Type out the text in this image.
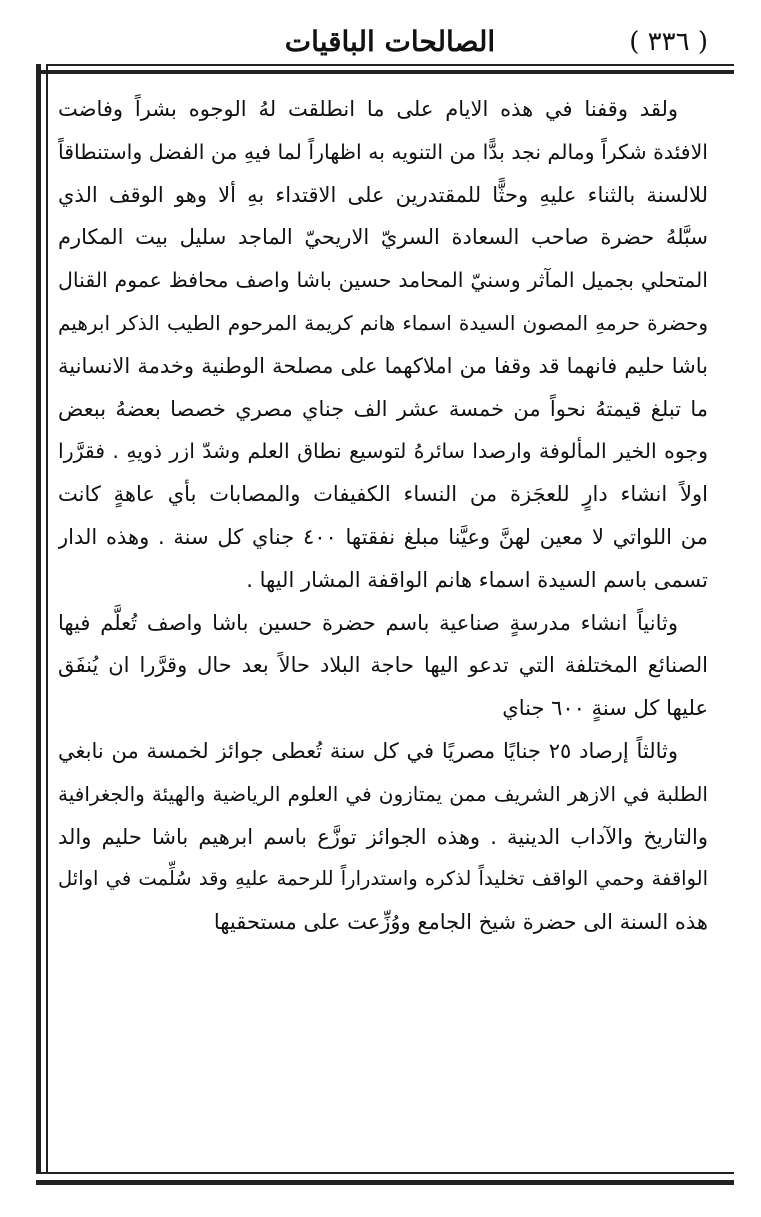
( ٣٣٦ )
الصالحات الباقيات
ولقد وقفنا في هذه الايام على ما انطلقت لهُ الوجوه بشراً وفاضت
الافئدة شكراً ومالم نجد بدًّا من التنويه به اظهاراً لما فيهِ من الفضل واستنطاقاً
للالسنة بالثناء عليهِ وحثًّا للمقتدرين على الاقتداء بهِ ألا وهو الوقف الذي
سبَّلهُ حضرة صاحب السعادة السريّ الاريحيّ الماجد سليل بيت المكارم
المتحلي بجميل المآثر وسنيّ المحامد حسين باشا واصف محافظ عموم القنال
وحضرة حرمهِ المصون السيدة اسماء هانم كريمة المرحوم الطيب الذكر ابرهيم
باشا حليم فانهما قد وقفا من املاكهما على مصلحة الوطنية وخدمة الانسانية
ما تبلغ قيمتهُ نحواً من خمسة عشر الف جناي مصري خصصا بعضهُ ببعض
وجوه الخير المألوفة وارصدا سائرهُ لتوسيع نطاق العلم وشدّ ازر ذويهِ . فقرَّرا
اولاً انشاء دارٍ للعجَزة من النساء الكفيفات والمصابات بأي عاهةٍ كانت
من اللواتي لا معين لهنَّ وعيَّنا مبلغ نفقتها ٤٠٠ جناي كل سنة . وهذه الدار
تسمى باسم السيدة اسماء هانم الواقفة المشار اليها .
وثانياً انشاء مدرسةٍ صناعية باسم حضرة حسين باشا واصف تُعلَّم فيها
الصنائع المختلفة التي تدعو اليها حاجة البلاد حالاً بعد حال وقرَّرا ان يُنفَق
عليها كل سنةٍ ٦٠٠ جناي
وثالثاً إرصاد ٢٥ جنايًا مصريًا في كل سنة تُعطى جوائز لخمسة من نابغي
الطلبة في الازهر الشريف ممن يمتازون في العلوم الرياضية والهيئة والجغرافية
والتاريخ والآداب الدينية . وهذه الجوائز توزَّع باسم ابرهيم باشا حليم والد
الواقفة وحمي الواقف تخليداً لذكره واستدراراً للرحمة عليهِ وقد سُلِّمت في اوائل
هذه السنة الى حضرة شيخ الجامع ووُزِّعت على مستحقيها
